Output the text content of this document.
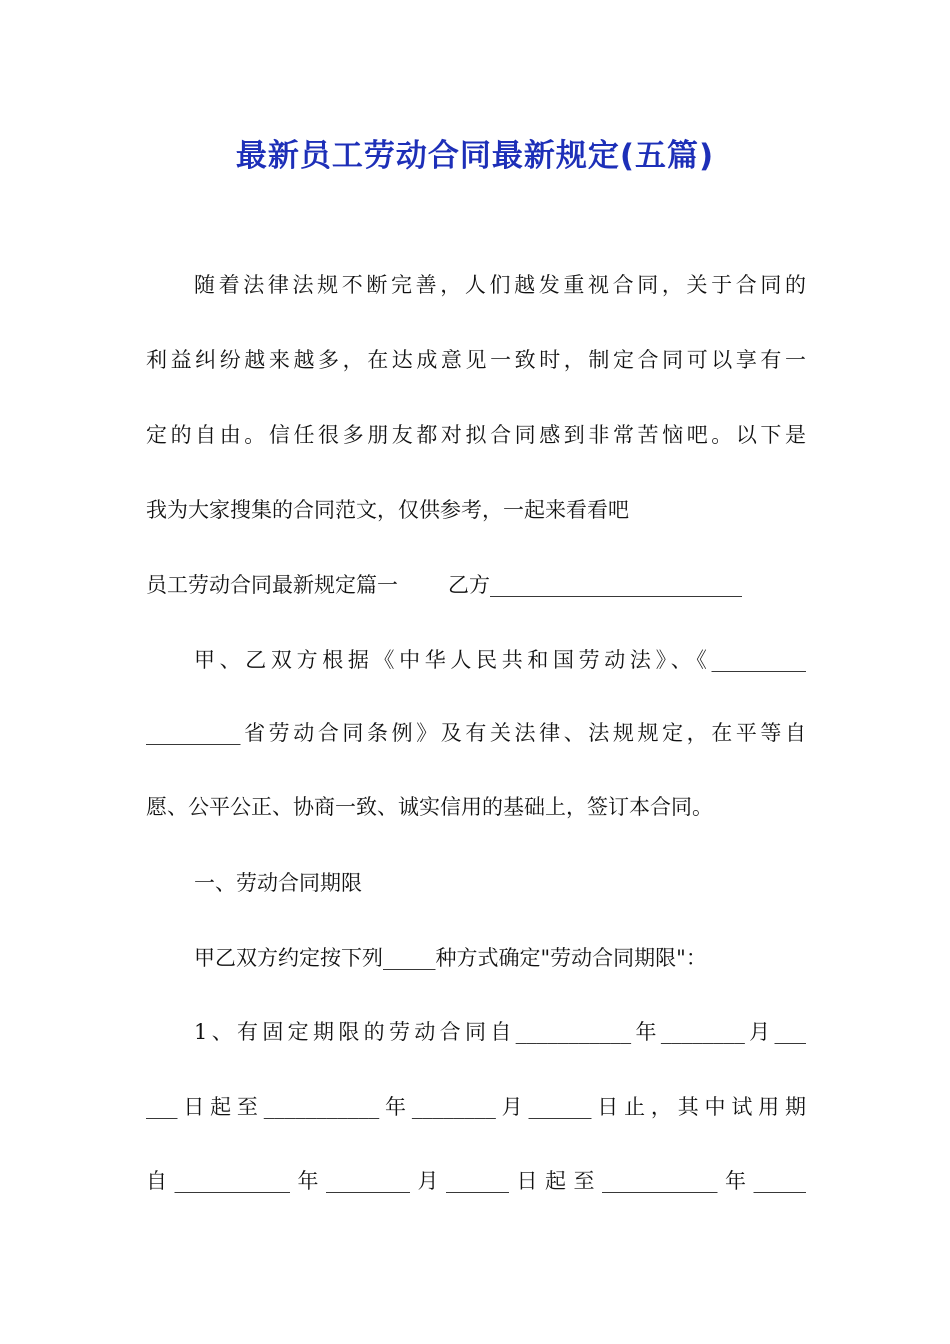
最新员工劳动合同最新规定(五篇)
随着法律法规不断完善，人们越发重视合同，关于合同的
利益纠纷越来越多，在达成意见一致时，制定合同可以享有一
定的自由。信任很多朋友都对拟合同感到非常苦恼吧。以下是
我为大家搜集的合同范文，仅供参考，一起来看看吧
员工劳动合同最新规定篇一 乙方________________________
甲、乙双方根据《中华人民共和国劳动法》、《_________
_________省劳动合同条例》及有关法律、法规规定，在平等自
愿、公平公正、协商一致、诚实信用的基础上，签订本合同。
一、劳动合同期限
甲乙双方约定按下列_____种方式确定"劳动合同期限"：
1、有固定期限的劳动合同自___________年________月___
___日起至___________年________月______日止，其中试用期
自___________年________月______日起至___________年_____
